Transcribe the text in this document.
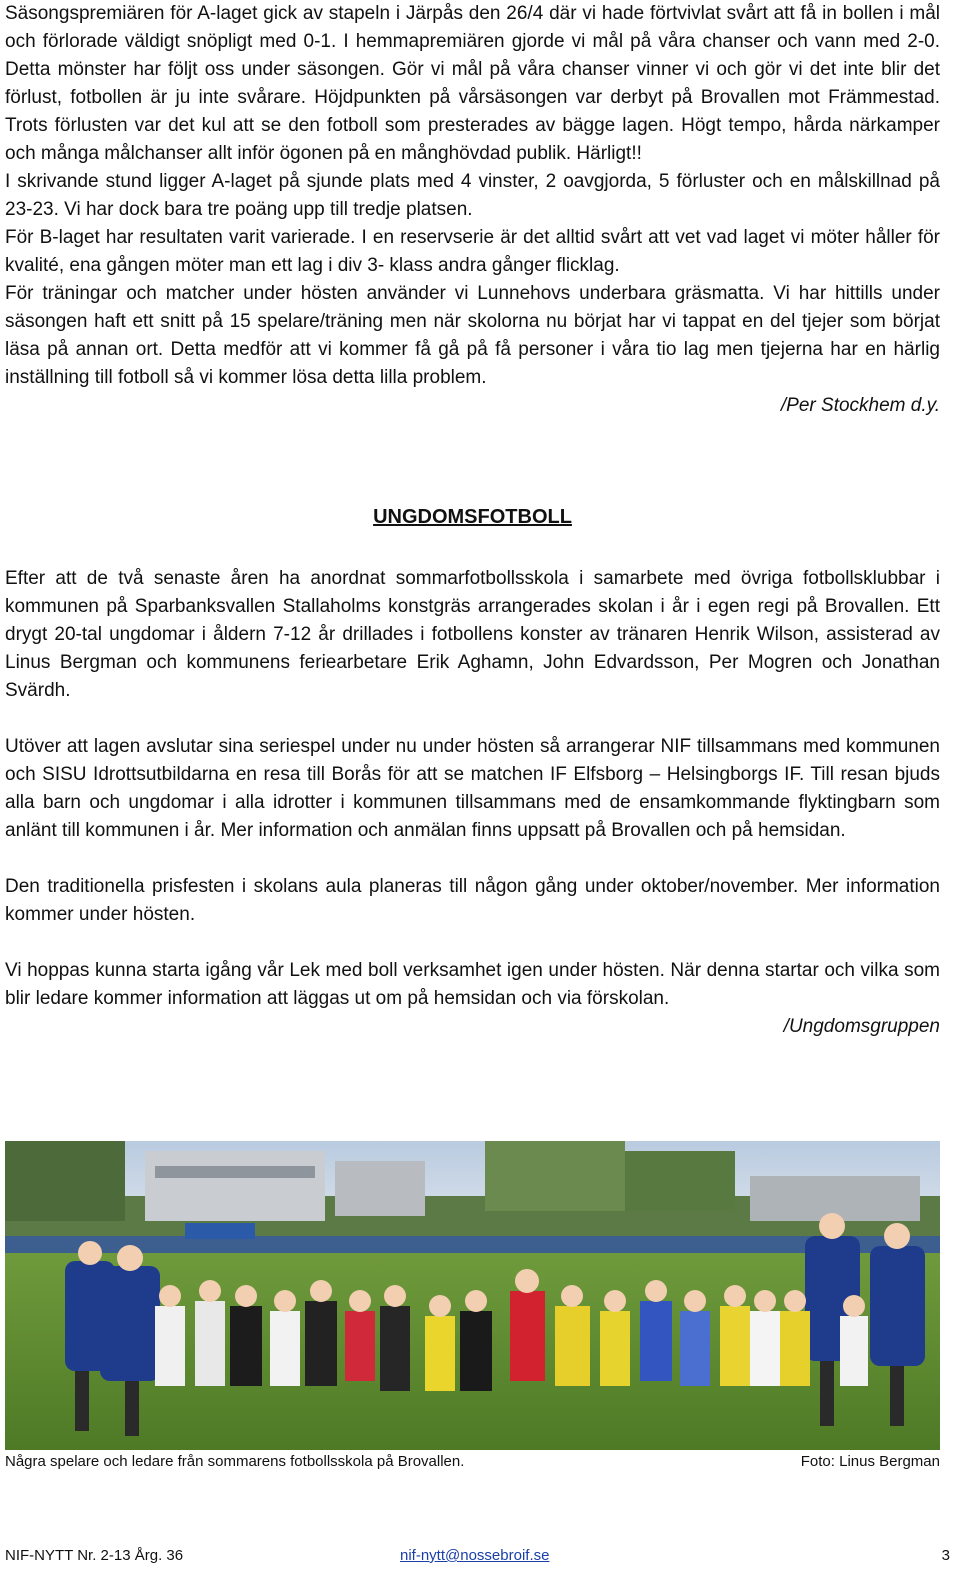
Säsongspremiären för A-laget gick av stapeln i Järpås den 26/4 där vi hade förtvivlat svårt att få in bollen i mål och förlorade väldigt snöpligt med 0-1. I hemmapremiären gjorde vi mål på våra chanser och vann med 2-0. Detta mönster har följt oss under säsongen. Gör vi mål på våra chanser vinner vi och gör vi det inte blir det förlust, fotbollen är ju inte svårare. Höjdpunkten på vårsäsongen var derbyt på Brovallen mot Främmestad. Trots förlusten var det kul att se den fotboll som presterades av bägge lagen. Högt tempo, hårda närkamper och många målchanser allt inför ögonen på en månghövdad publik. Härligt!!

I skrivande stund ligger A-laget på sjunde plats med 4 vinster, 2 oavgjorda, 5 förluster och en målskillnad på 23-23. Vi har dock bara tre poäng upp till tredje platsen.

För B-laget har resultaten varit varierade. I en reservserie är det alltid svårt att vet vad laget vi möter håller för kvalité, ena gången möter man ett lag i div 3- klass andra gånger flicklag.

För träningar och matcher under hösten använder vi Lunnehovs underbara gräsmatta. Vi har hittills under säsongen haft ett snitt på 15 spelare/träning men när skolorna nu börjat har vi tappat en del tjejer som börjat läsa på annan ort. Detta medför att vi kommer få gå på få personer i våra tio lag men tjejerna har en härlig inställning till fotboll så vi kommer lösa detta lilla problem.

/Per Stockhem d.y.

UNGDOMSFOTBOLL

Efter att de två senaste åren ha anordnat sommarfotbollsskola i samarbete med övriga fotbollsklubbar i kommunen på Sparbanksvallen Stallaholms konstgräs arrangerades skolan i år i egen regi på Brovallen. Ett drygt 20-tal ungdomar i åldern 7-12 år drillades i fotbollens konster av tränaren Henrik Wilson, assisterad av Linus Bergman och kommunens feriearbetare Erik Aghamn, John Edvardsson, Per Mogren och Jonathan Svärdh.

Utöver att lagen avslutar sina seriespel under nu under hösten så arrangerar NIF tillsammans med kommunen och SISU Idrottsutbildarna en resa till Borås för att se matchen IF Elfsborg – Helsingborgs IF. Till resan bjuds alla barn och ungdomar i alla idrotter i kommunen tillsammans med de ensamkommande flyktingbarn som anlänt till kommunen i år. Mer information och anmälan finns uppsatt på Brovallen och på hemsidan.

Den traditionella prisfesten i skolans aula planeras till någon gång under oktober/november. Mer information kommer under hösten.

Vi hoppas kunna starta igång vår Lek med boll verksamhet igen under hösten. När denna startar och vilka som blir ledare kommer information att läggas ut om på hemsidan och via förskolan.

/Ungdomsgruppen

Några spelare och ledare från sommarens fotbollsskola på Brovallen.	Foto: Linus Bergman
NIF-NYTT Nr. 2-13 Årg. 36	nif-nytt@nossebroif.se	3
